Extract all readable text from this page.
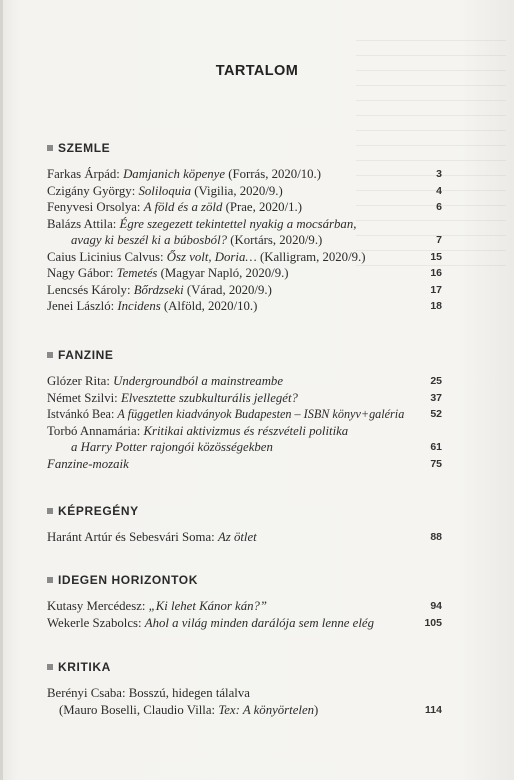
TARTALOM
SZEMLE
Farkas Árpád: Damjanich köpenye (Forrás, 2020/10.)	3
Czigány György: Soliloquia (Vigilia, 2020/9.)	4
Fenyvesi Orsolya: A föld és a zöld (Prae, 2020/1.)	6
Balázs Attila: Égre szegezett tekintettel nyakig a mocsárban,
avagy ki beszél ki a búbosból? (Kortárs, 2020/9.)	7
Caius Licinius Calvus: Ősz volt, Doria… (Kalligram, 2020/9.)	15
Nagy Gábor: Temetés (Magyar Napló, 2020/9.)	16
Lencsés Károly: Bőrdzseki (Várad, 2020/9.)	17
Jenei László: Incidens (Alföld, 2020/10.)	18
FANZINE
Glózer Rita: Undergroundból a mainstreambe	25
Német Szilvi: Elvesztette szubkulturális jellegét?	37
Istvánkó Bea: A független kiadványok Budapesten – ISBN könyv+galéria 52
Torbó Annamária: Kritikai aktivizmus és részvételi politika
a Harry Potter rajongói közösségekben	61
Fanzine-mozaik	75
KÉPREGÉNY
Haránt Artúr és Sebesvári Soma: Az ötlet	88
IDEGEN HORIZONTOK
Kutasy Mercédesz: „Ki lehet Kánor kán?”	94
Wekerle Szabolcs: Ahol a világ minden darálója sem lenne elég	105
KRITIKA
Berényi Csaba: Bosszú, hidegen tálalva
(Mauro Boselli, Claudio Villa: Tex: A könyörtelen)	114
